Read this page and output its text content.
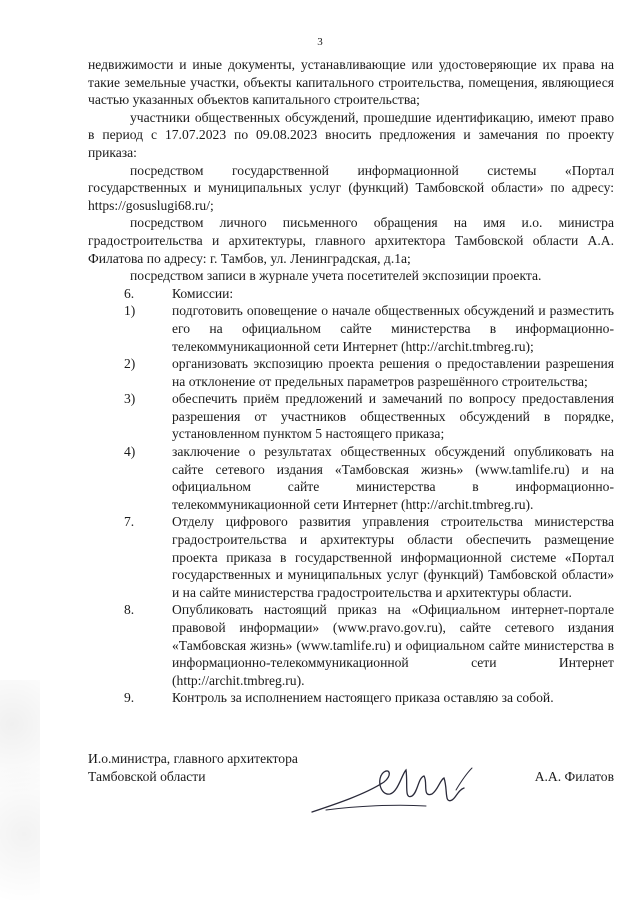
3

недвижимости и иные документы, устанавливающие или удостоверяющие их права на такие земельные участки, объекты капитального строительства, помещения, являющиеся частью указанных объектов капитального строительства;

участники общественных обсуждений, прошедшие идентификацию, имеют право в период с 17.07.2023 по 09.08.2023 вносить предложения и замечания по проекту приказа:

посредством государственной информационной системы «Портал государственных и муниципальных услуг (функций) Тамбовской области» по адресу: https://gosuslugi68.ru/;

посредством личного письменного обращения на имя и.о. министра градостроительства и архитектуры, главного архитектора Тамбовской области А.А. Филатова по адресу: г. Тамбов, ул. Ленинградская, д.1а;

посредством записи в журнале учета посетителей экспозиции проекта.

6.	Комиссии:
1)	подготовить оповещение о начале общественных обсуждений и разместить его на официальном сайте министерства в информационно-телекоммуникационной сети Интернет (http://archit.tmbreg.ru);
2)	организовать экспозицию проекта решения о предоставлении разрешения на отклонение от предельных параметров разрешённого строительства;
3)	обеспечить приём предложений и замечаний по вопросу предоставления разрешения от участников общественных обсуждений в порядке, установленном пунктом 5 настоящего приказа;
4)	заключение о результатах общественных обсуждений опубликовать на сайте сетевого издания «Тамбовская жизнь» (www.tamlife.ru) и на официальном сайте министерства в информационно-телекоммуникационной сети Интернет (http://archit.tmbreg.ru).
7.	Отделу цифрового развития управления строительства министерства градостроительства и архитектуры области обеспечить размещение проекта приказа в государственной информационной системе «Портал государственных и муниципальных услуг (функций) Тамбовской области» и на сайте министерства градостроительства и архитектуры области.
8.	Опубликовать настоящий приказ на «Официальном интернет-портале правовой информации» (www.pravo.gov.ru), сайте сетевого издания «Тамбовская жизнь» (www.tamlife.ru) и официальном сайте министерства в информационно-телекоммуникационной сети Интернет (http://archit.tmbreg.ru).
9.	Контроль за исполнением настоящего приказа оставляю за собой.
И.о.министра, главного архитектора
Тамбовской области	А.А. Филатов
